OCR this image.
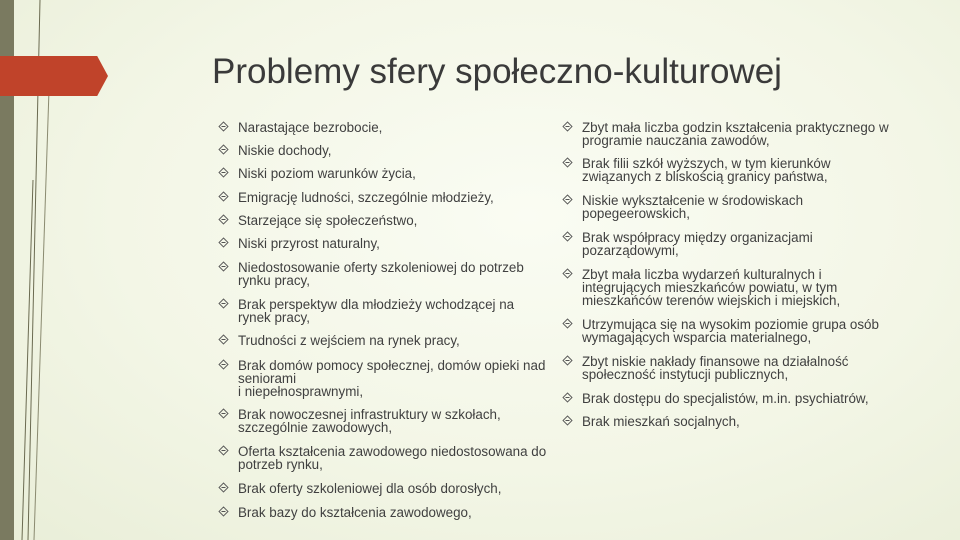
Problemy sfery społeczno-kulturowej
Narastające bezrobocie,
Niskie dochody,
Niski poziom warunków życia,
Emigrację ludności, szczególnie młodzieży,
Starzejące się społeczeństwo,
Niski przyrost naturalny,
Niedostosowanie oferty szkoleniowej do potrzeb rynku pracy,
Brak perspektyw dla młodzieży wchodzącej na rynek pracy,
Trudności z wejściem na rynek pracy,
Brak domów pomocy społecznej, domów opieki nad seniorami
i niepełnosprawnymi,
Brak nowoczesnej infrastruktury w szkołach, szczególnie zawodowych,
Oferta kształcenia zawodowego niedostosowana do potrzeb rynku,
Brak oferty szkoleniowej dla osób dorosłych,
Brak bazy do kształcenia zawodowego,
Zbyt mała liczba godzin kształcenia praktycznego w programie nauczania zawodów,
Brak filii szkół wyższych, w tym kierunków związanych z bliskością granicy państwa,
Niskie wykształcenie w środowiskach popegeerowskich,
Brak współpracy między organizacjami pozarządowymi,
Zbyt mała liczba wydarzeń kulturalnych i integrujących mieszkańców powiatu, w tym mieszkańców terenów wiejskich i miejskich,
Utrzymująca się na wysokim poziomie grupa osób wymagających wsparcia materialnego,
Zbyt niskie nakłady finansowe na działalność społeczność instytucji publicznych,
Brak dostępu do specjalistów, m.in. psychiatrów,
Brak mieszkań socjalnych,
